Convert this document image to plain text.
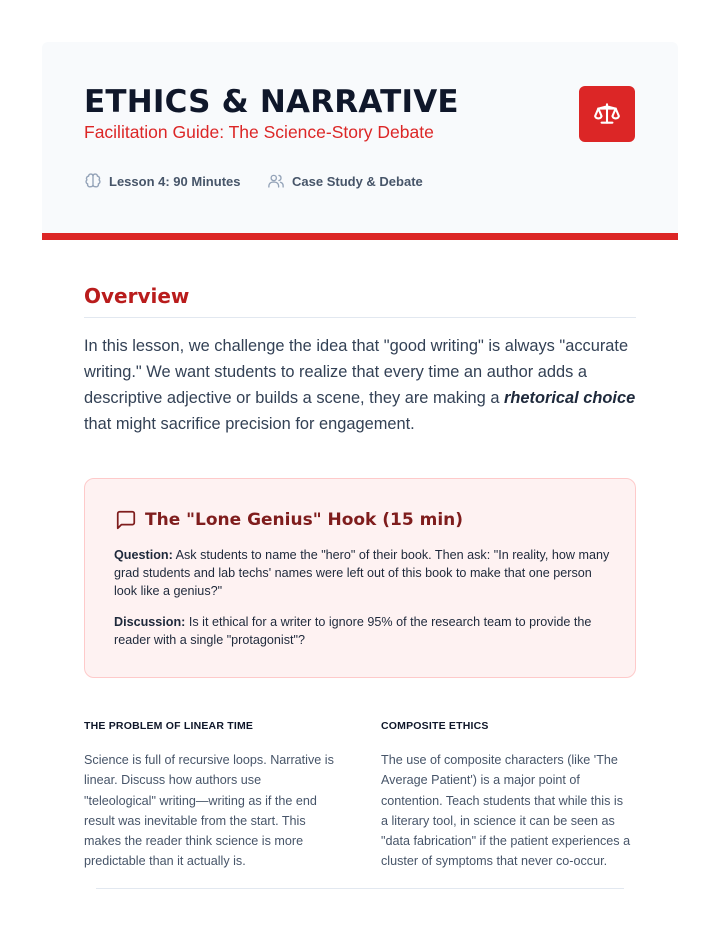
ETHICS & NARRATIVE
Facilitation Guide: The Science-Story Debate
Lesson 4: 90 Minutes	Case Study & Debate
Overview

In this lesson, we challenge the idea that "good writing" is always "accurate writing." We want students to realize that every time an author adds a descriptive adjective or builds a scene, they are making a rhetorical choice that might sacrifice precision for engagement.

The "Lone Genius" Hook (15 min)

Question: Ask students to name the "hero" of their book. Then ask: "In reality, how many grad students and lab techs' names were left out of this book to make that one person look like a genius?"

Discussion: Is it ethical for a writer to ignore 95% of the research team to provide the reader with a single "protagonist"?

THE PROBLEM OF LINEAR TIME

Science is full of recursive loops. Narrative is linear. Discuss how authors use "teleological" writing—writing as if the end result was inevitable from the start. This makes the reader think science is more predictable than it actually is.

COMPOSITE ETHICS

The use of composite characters (like 'The Average Patient') is a major point of contention. Teach students that while this is a literary tool, in science it can be seen as "data fabrication" if the patient experiences a cluster of symptoms that never co-occur.
